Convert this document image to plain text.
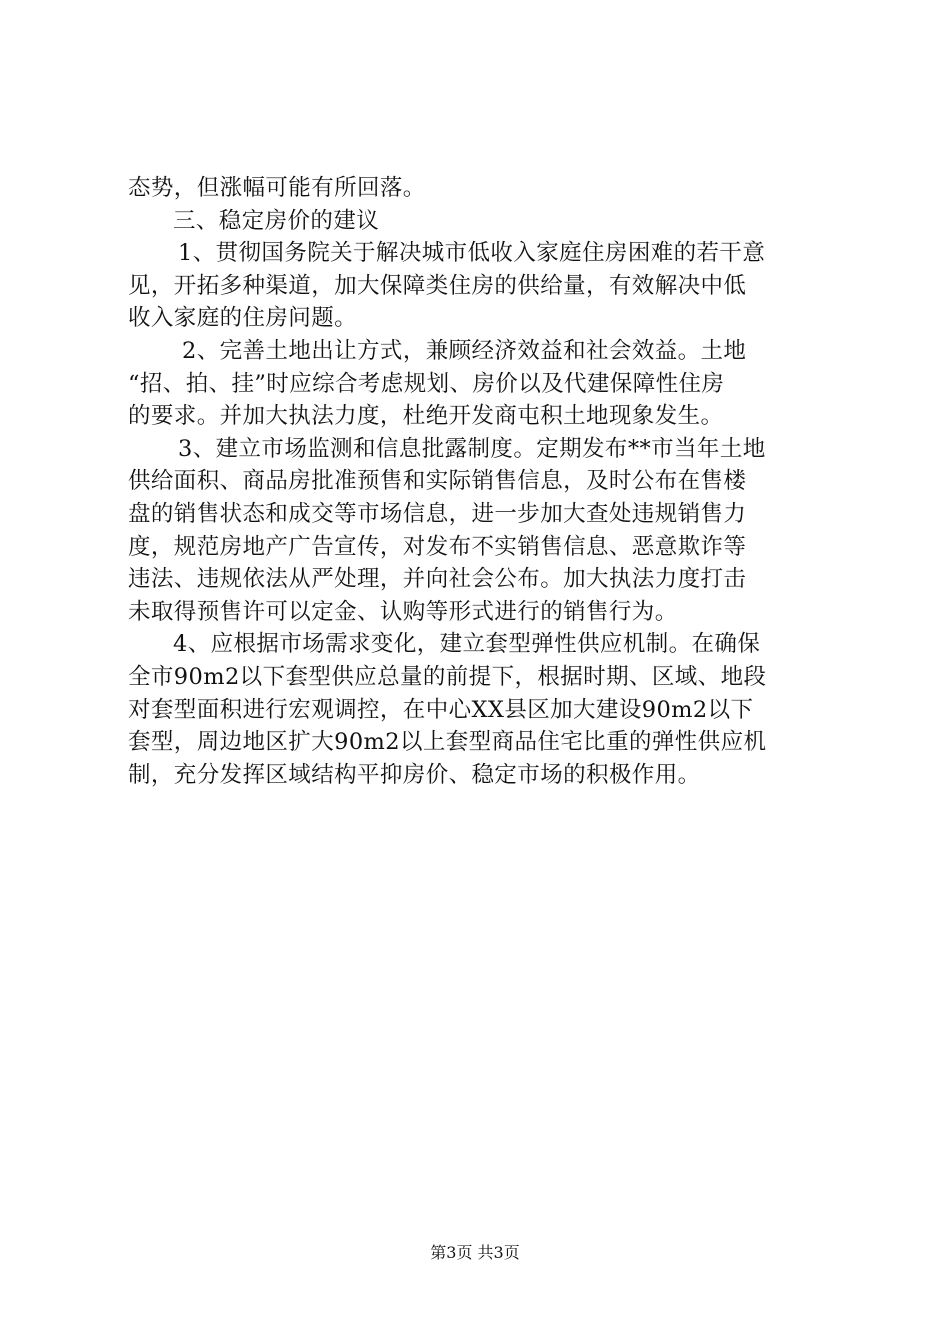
态势，但涨幅可能有所回落。

三、稳定房价的建议

1、贯彻国务院关于解决城市低收入家庭住房困难的若干意
见，开拓多种渠道，加大保障类住房的供给量，有效解决中低
收入家庭的住房问题。

2、完善土地出让方式，兼顾经济效益和社会效益。土地
“招、拍、挂”时应综合考虑规划、房价以及代建保障性住房
的要求。并加大执法力度，杜绝开发商屯积土地现象发生。

3、建立市场监测和信息批露制度。定期发布**市当年土地
供给面积、商品房批准预售和实际销售信息，及时公布在售楼
盘的销售状态和成交等市场信息，进一步加大查处违规销售力
度，规范房地产广告宣传，对发布不实销售信息、恶意欺诈等
违法、违规依法从严处理，并向社会公布。加大执法力度打击
未取得预售许可以定金、认购等形式进行的销售行为。

4、应根据市场需求变化，建立套型弹性供应机制。在确保
全市90m2以下套型供应总量的前提下，根据时期、区域、地段
对套型面积进行宏观调控，在中心XX县区加大建设90m2以下
套型，周边地区扩大90m2以上套型商品住宅比重的弹性供应机
制，充分发挥区域结构平抑房价、稳定市场的积极作用。

第3页 共3页
